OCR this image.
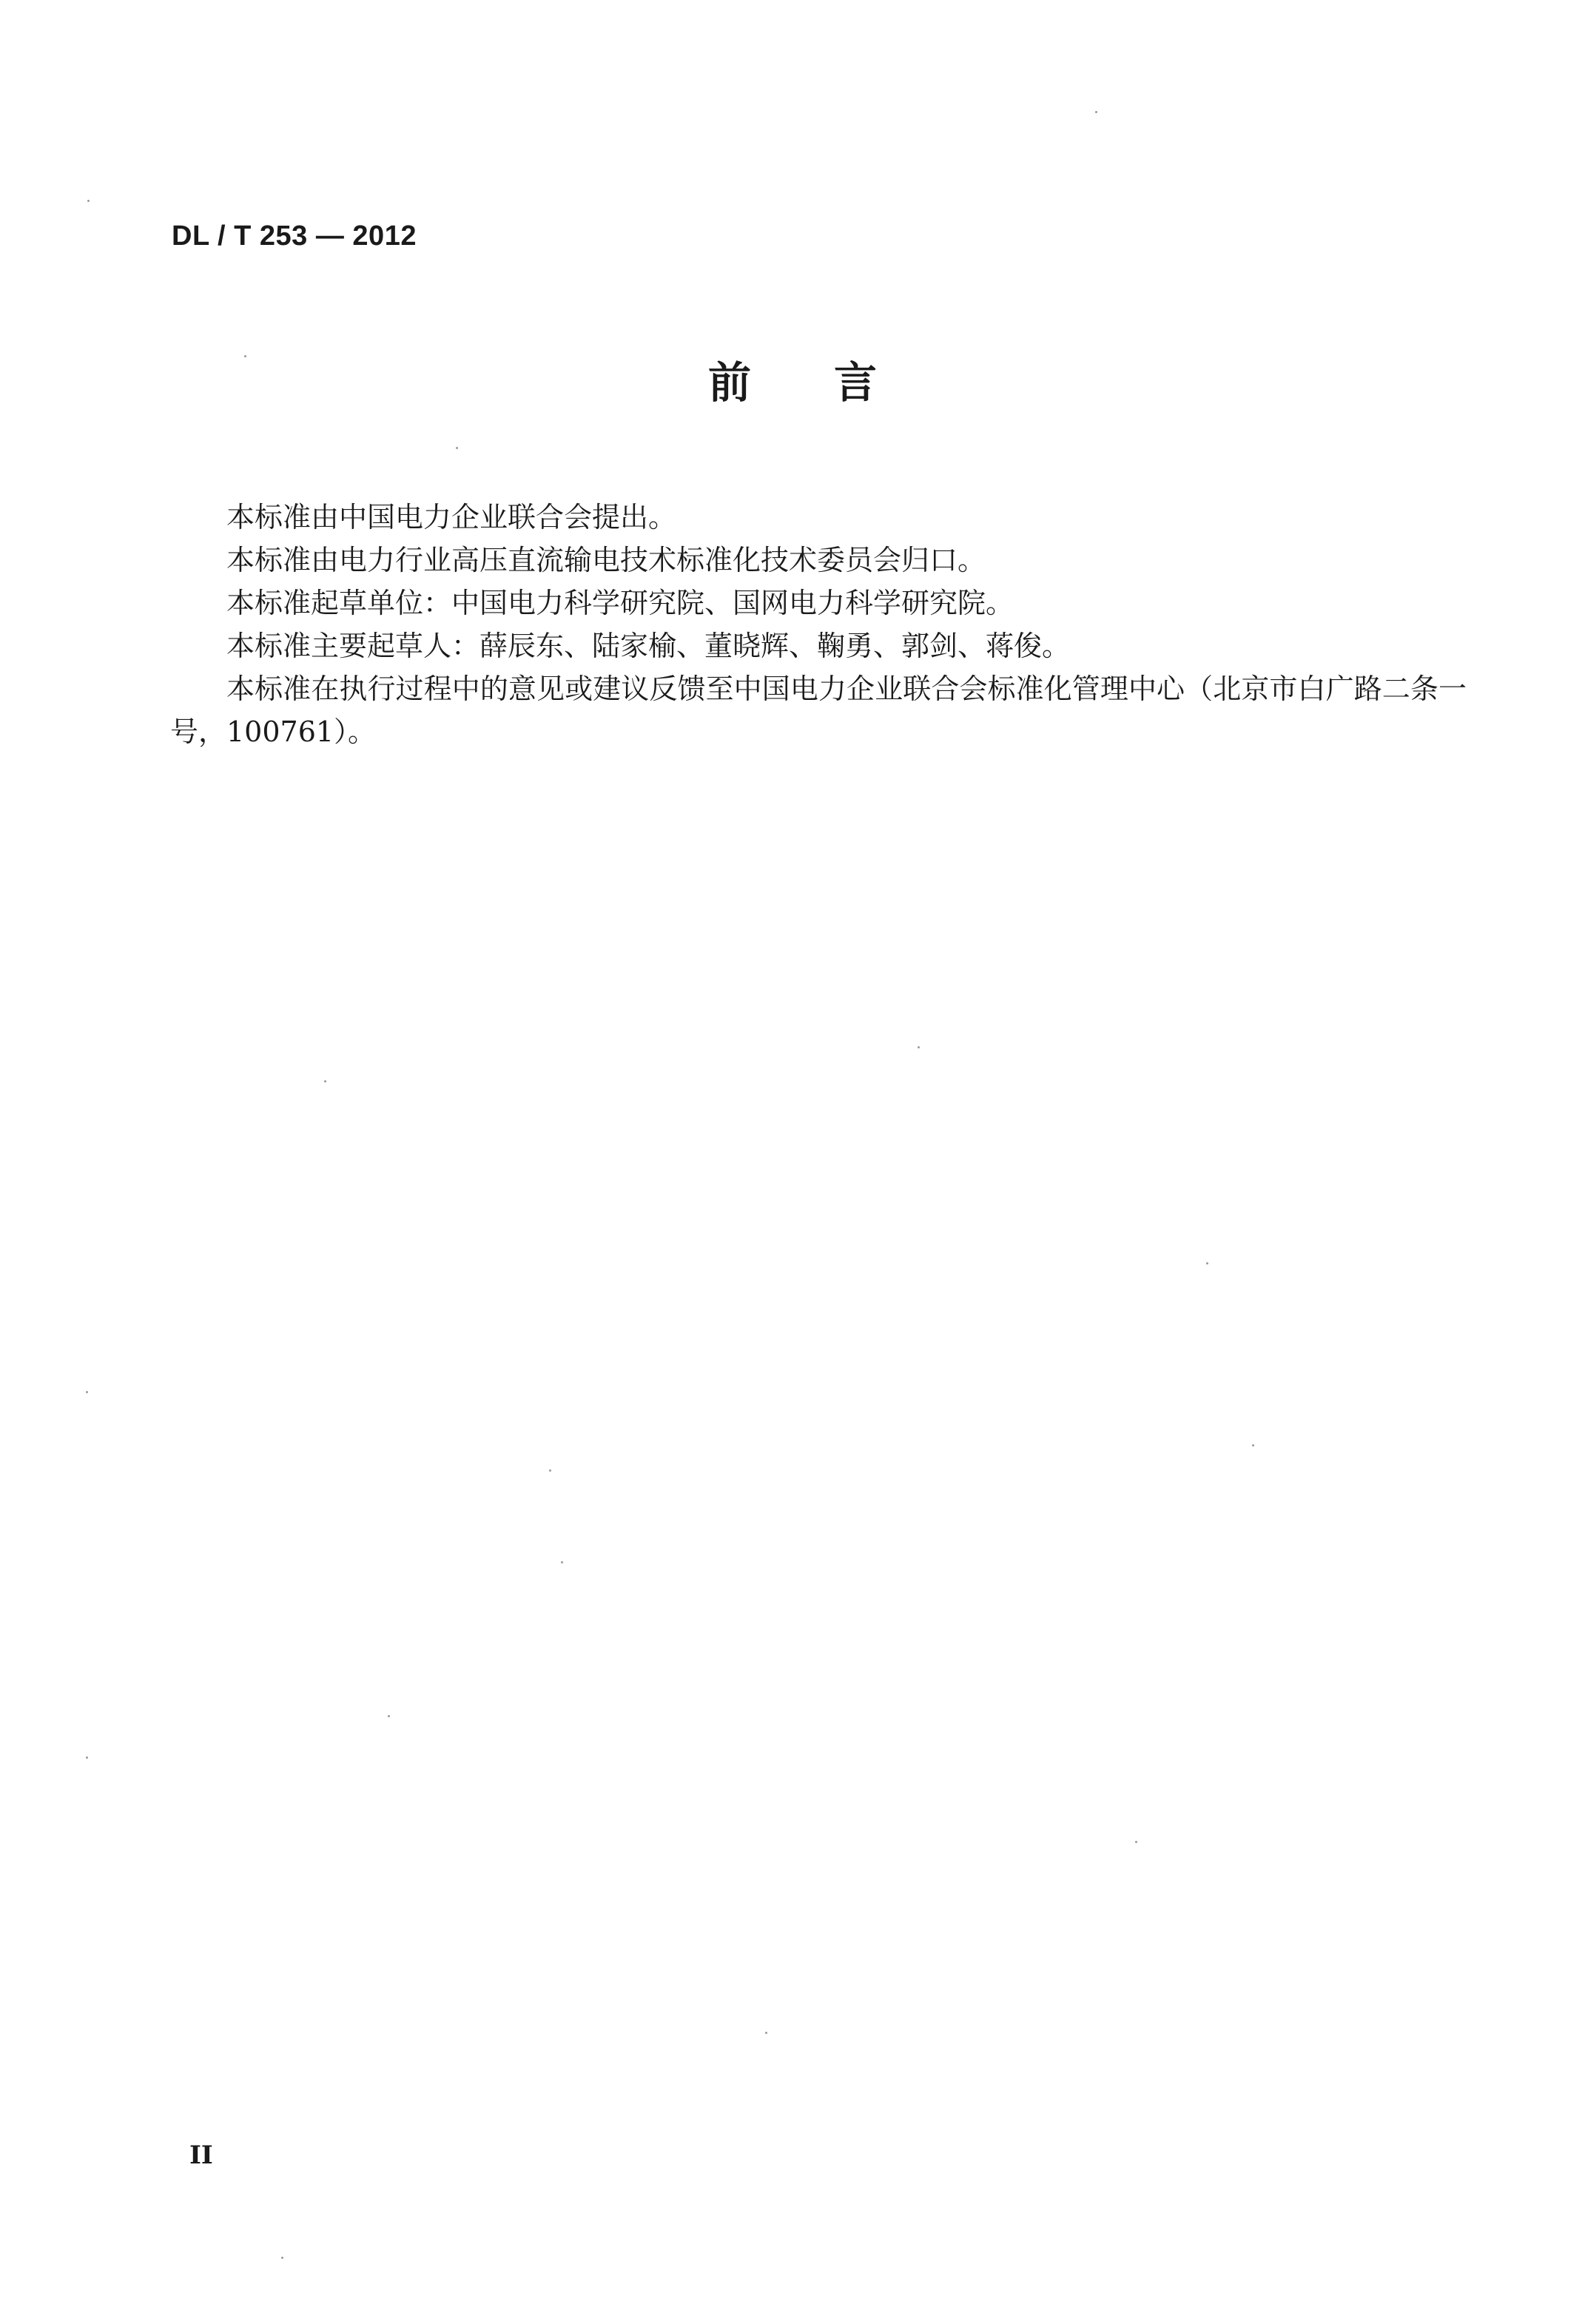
DL / T 253 — 2012
前言

本标准由中国电力企业联合会提出。

本标准由电力行业高压直流输电技术标准化技术委员会归口。

本标准起草单位：中国电力科学研究院、国网电力科学研究院。

本标准主要起草人：薛辰东、陆家榆、董晓辉、鞠勇、郭剑、蒋俊。

本标准在执行过程中的意见或建议反馈至中国电力企业联合会标准化管理中心（北京市白广路二条一号，100761）。

II
